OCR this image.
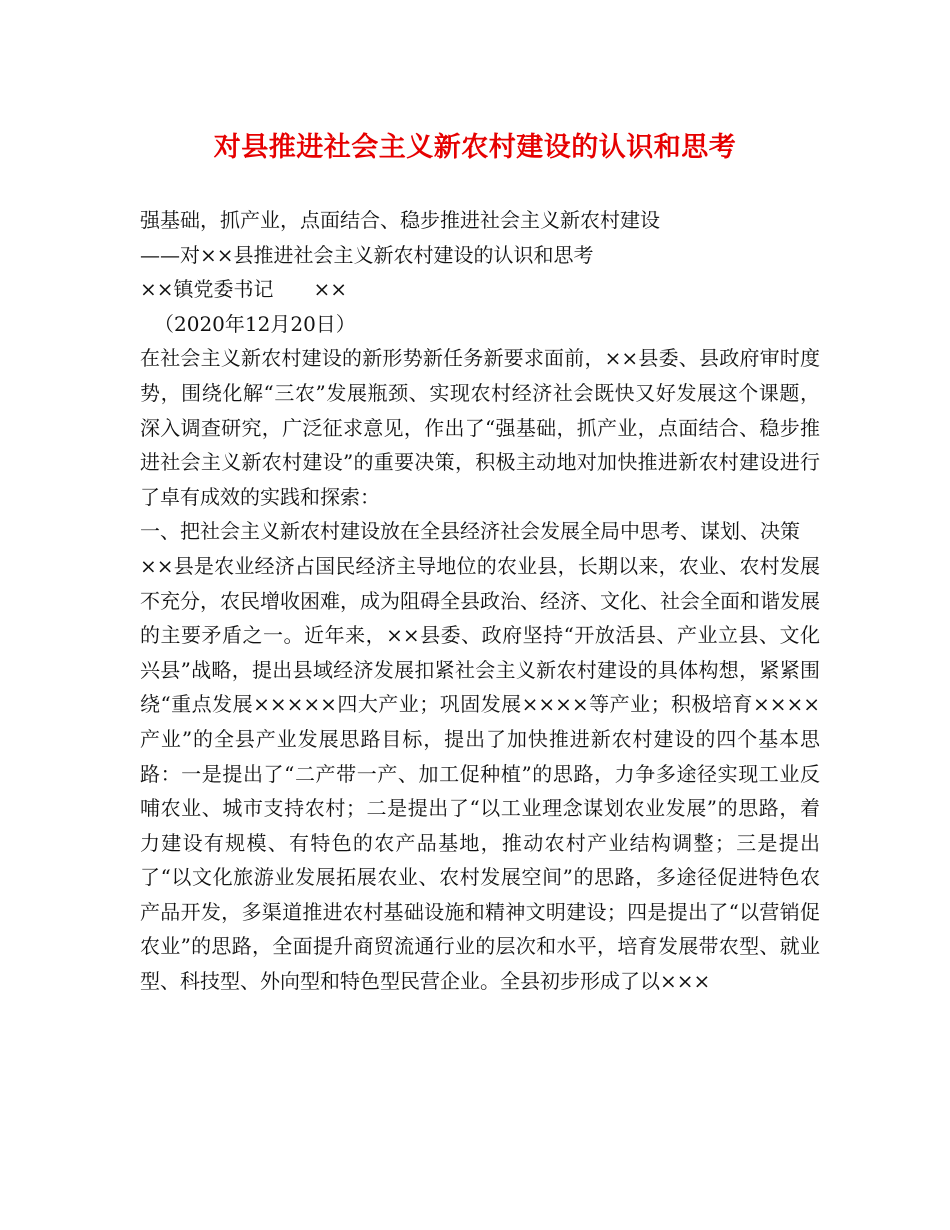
对县推进社会主义新农村建设的认识和思考

强基础，抓产业，点面结合、稳步推进社会主义新农村建设

——对××县推进社会主义新农村建设的认识和思考

××镇党委书记　　××

（2020年12月20日）

在社会主义新农村建设的新形势新任务新要求面前，××县委、县政府审时度势，围绕化解“三农”发展瓶颈、实现农村经济社会既快又好发展这个课题，深入调查研究，广泛征求意见，作出了“强基础，抓产业，点面结合、稳步推进社会主义新农村建设”的重要决策，积极主动地对加快推进新农村建设进行了卓有成效的实践和探索：

一、把社会主义新农村建设放在全县经济社会发展全局中思考、谋划、决策

××县是农业经济占国民经济主导地位的农业县，长期以来，农业、农村发展不充分，农民增收困难，成为阻碍全县政治、经济、文化、社会全面和谐发展的主要矛盾之一。近年来，××县委、政府坚持“开放活县、产业立县、文化兴县”战略，提出县域经济发展扣紧社会主义新农村建设的具体构想，紧紧围绕“重点发展×××××四大产业；巩固发展××××等产业；积极培育××××产业”的全县产业发展思路目标，提出了加快推进新农村建设的四个基本思路：一是提出了“二产带一产、加工促种植”的思路，力争多途径实现工业反哺农业、城市支持农村；二是提出了“以工业理念谋划农业发展”的思路，着力建设有规模、有特色的农产品基地，推动农村产业结构调整；三是提出了“以文化旅游业发展拓展农业、农村发展空间”的思路，多途径促进特色农产品开发，多渠道推进农村基础设施和精神文明建设；四是提出了“以营销促农业”的思路，全面提升商贸流通行业的层次和水平，培育发展带农型、就业型、科技型、外向型和特色型民营企业。全县初步形成了以×××
